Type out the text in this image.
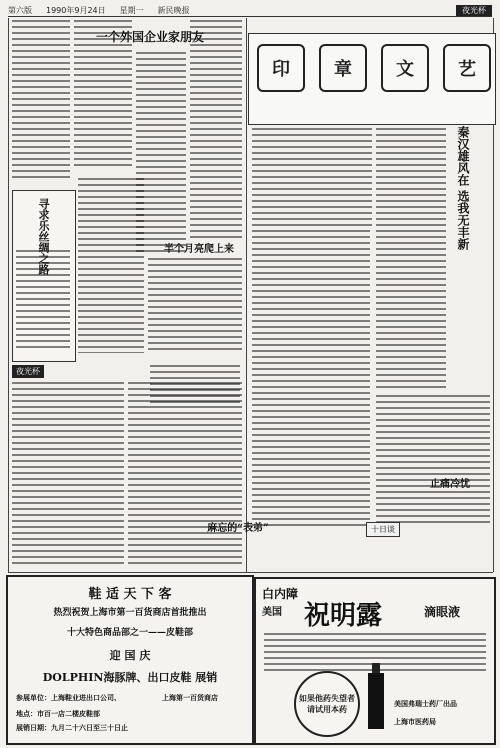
第六版 1990年9月24日 星期一 新民晚报	夜光杯
一个外国企业家朋友
寻求乐丝绸之路	半个月亮爬上来
夜光杯
麻忘的“表弟”
印	章	文	艺
秦汉雄风在 选我无丰新
止痛冷忧
十日谈
鞋 适 天 下 客
热烈祝贺上海市第一百货商店首批推出
十大特色商品部之一——皮鞋部
迎 国 庆
DOLPHIN海豚牌、出口皮鞋 展销
参展单位：上海鞋业进出口公司、	上海第一百货商店
地点：市百一店二楼皮鞋部
展销日期：九月二十六日至三十日止
白内障
美国 祝明露	滴眼液
如果他药失望者请试用本药
美国弗瑞士药厂出品
上海市医药局
